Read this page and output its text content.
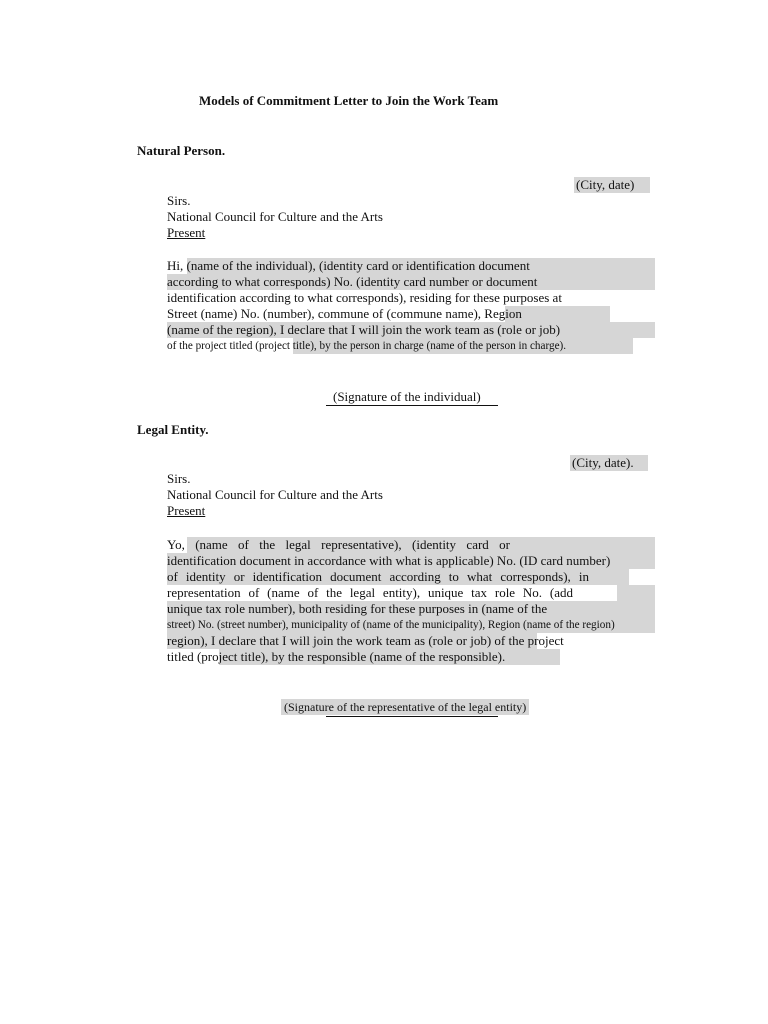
Models of Commitment Letter to Join the Work Team
Natural Person.
(City, date)
Sirs.
National Council for Culture and the Arts
Present
Hi, (name of the individual), (identity card or identification document
according to what corresponds) No. (identity card number or document
identification according to what corresponds), residing for these purposes at
Street (name) No. (number), commune of (commune name), Region
(name of the region), I declare that I will join the work team as (role or job)
of the project titled (project title), by the person in charge (name of the person in charge).
(Signature of the individual)
Legal Entity.
(City, date).
Sirs.
National Council for Culture and the Arts
Present
Yo, (name of the legal representative), (identity card or
identification document in accordance with what is applicable) No. (ID card number)
of identity or identification document according to what corresponds), in
representation of (name of the legal entity), unique tax role No. (add
unique tax role number), both residing for these purposes in (name of the
street) No. (street number), municipality of (name of the municipality), Region (name of the region)
region), I declare that I will join the work team as (role or job) of the project
titled (project title), by the responsible (name of the responsible).
(Signature of the representative of the legal entity)
